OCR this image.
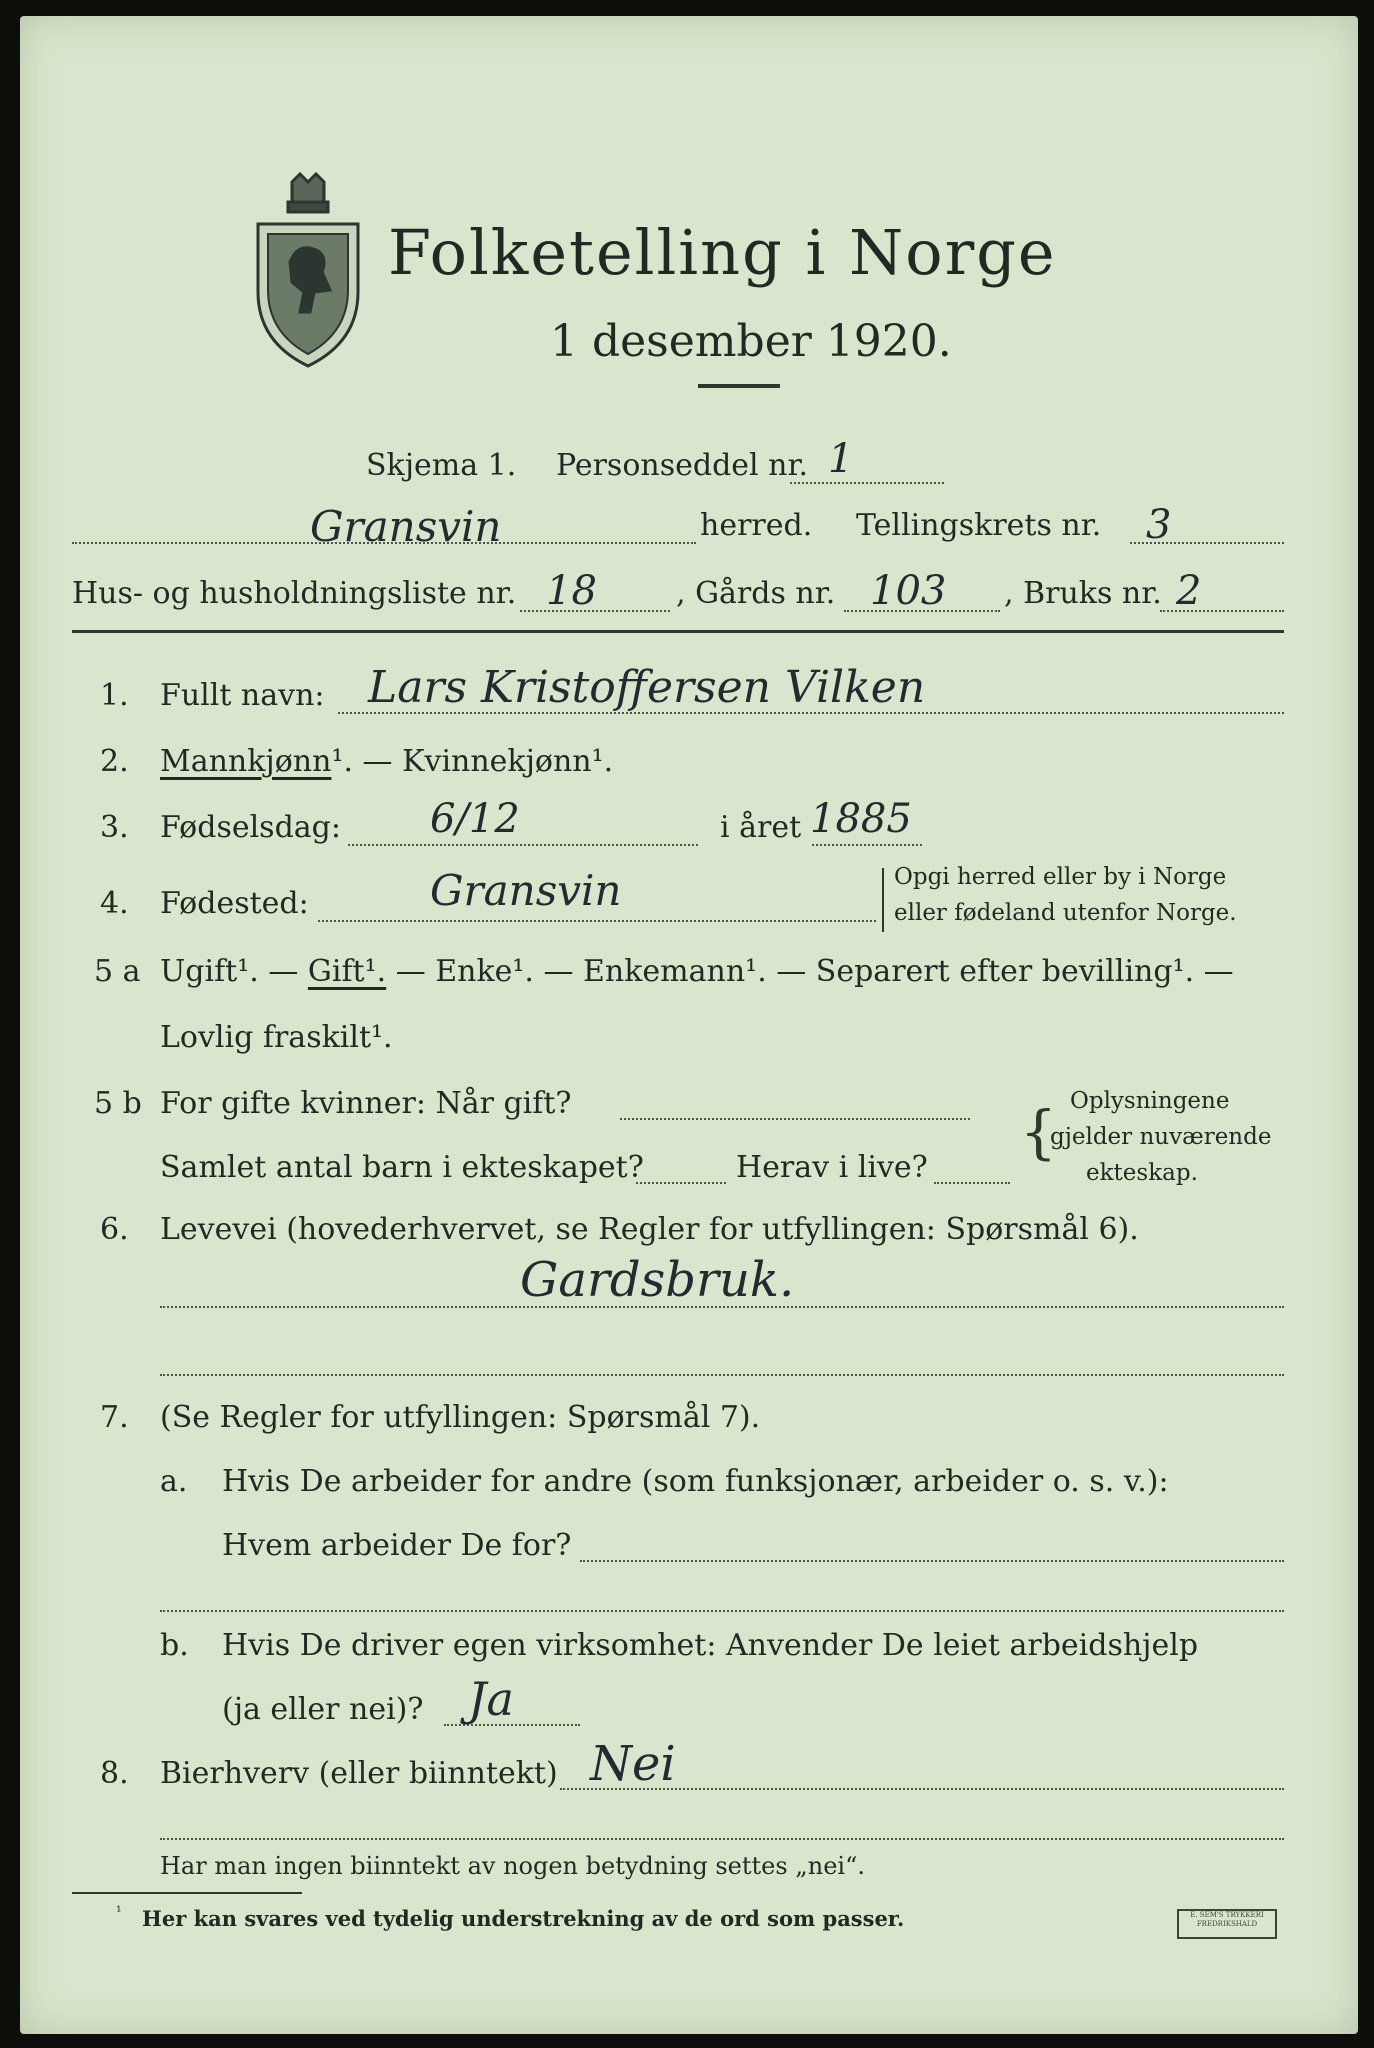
Folketelling i Norge
1 desember 1920.
Skjema 1. Personseddel nr. 1
Gransvin	herred. Tellingskrets nr. 3
Hus- og husholdningsliste nr. 18	, Gårds nr. 103 , Bruks nr. 2
1. Fullt navn: Lars Kristoffersen Vilken
2. Mannkjønn¹. — Kvinnekjønn¹.
3. Fødselsdag: 6/12	i året 1885
4. Fødested:	Gransvin	Opgi herred eller by i Norge
eller fødeland utenfor Norge.
5 a Ugift¹. — Gift¹. — Enke¹. — Enkemann¹. — Separert efter bevilling¹. —
Lovlig fraskilt¹.
5 b For gifte kvinner: Når gift?
Samlet antal barn i ekteskapet?	Herav i live?
{ Oplysningene
gjelder nuværende
ekteskap.
6. Levevei (hovederhvervet, se Regler for utfyllingen: Spørsmål 6).
Gardsbruk.
7. (Se Regler for utfyllingen: Spørsmål 7).
a. Hvis De arbeider for andre (som funksjonær, arbeider o. s. v.):
Hvem arbeider De for?
b. Hvis De driver egen virksomhet: Anvender De leiet arbeidshjelp
(ja eller nei)? Ja
8. Bierhverv (eller biinntekt) Nei
Har man ingen biinntekt av nogen betydning settes „nei“.
¹ Her kan svares ved tydelig understrekning av de ord som passer.	E. SEM'S TRYKKERI FREDRIKSHALD
